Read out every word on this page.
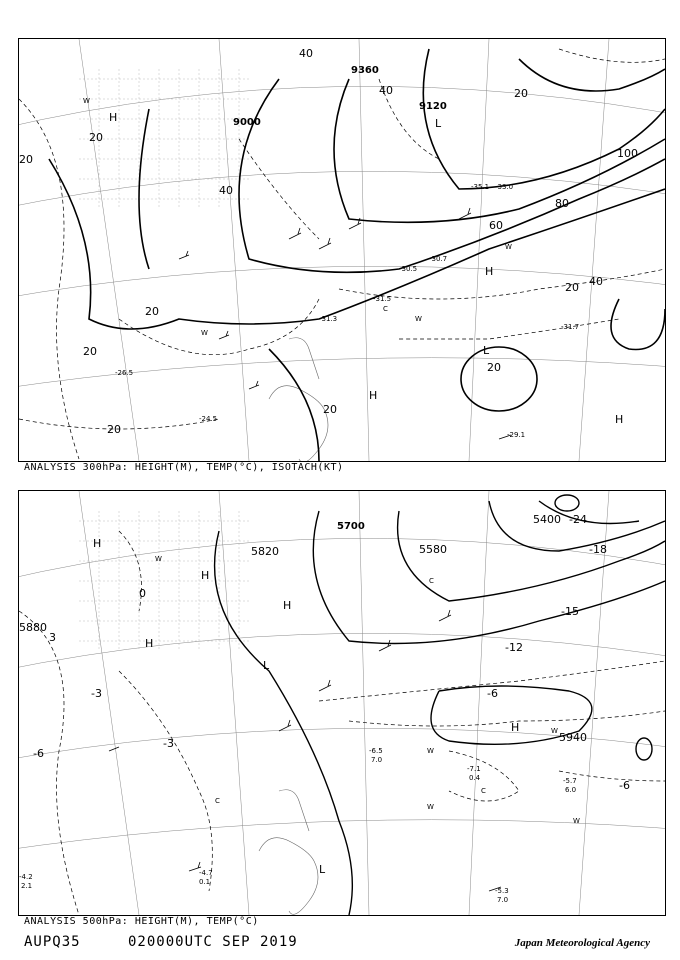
H	L
L
H
H
H
9360
9120
9000
20
40
40
40
60
80
100
20
20
20 40
20
20
20
20
20
-31.5
-31.3
-29.1
-24.5
-26.5
-30.7
-30.5
-35.1 -33.0
-31.7
W
C
W
W
W
ANALYSIS 300hPa: HEIGHT(M), TEMP(°C), ISOTACH(KT)
H
H
H
H
L
L
H
5700
5820	5580
5940
5400
5880
-24
-18
-15
-12
-6
-3
-3
-6
-6
0
3
W
C
C
W
W
W
W
C
-5.3
7.0
-4.7
0.1
-5.7
6.0
-7.1
0.4
-6.5
7.0
-4.2
2.1
ANALYSIS 500hPa: HEIGHT(M), TEMP(°C)
AUPQ35	020000UTC SEP 2019	Japan Meteorological Agency
